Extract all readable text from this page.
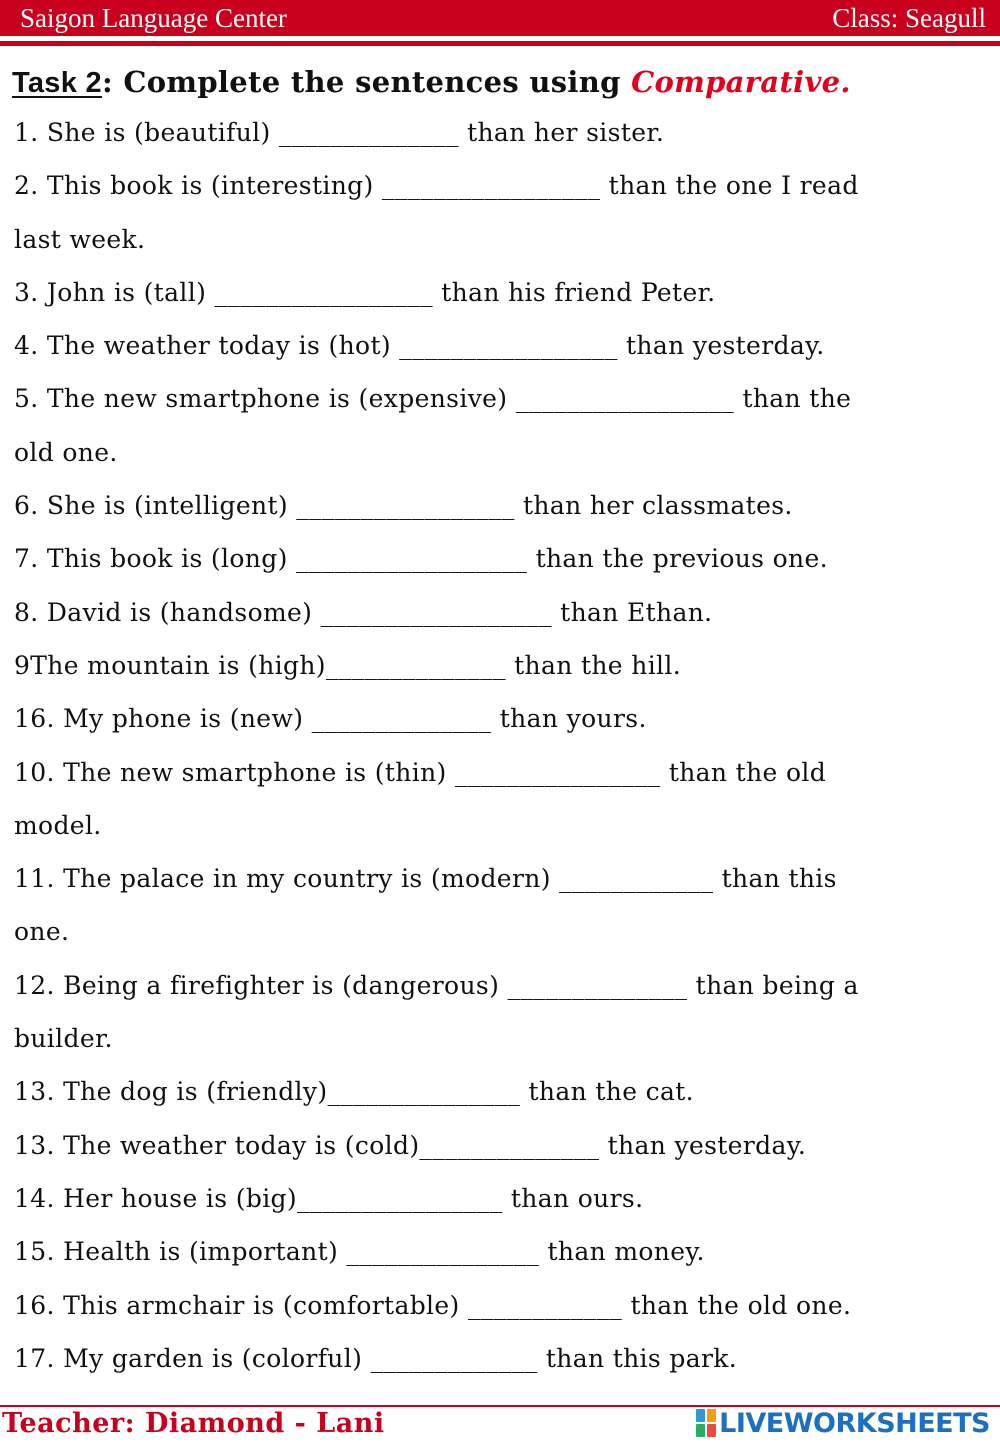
Saigon Language Center	Class: Seagull
Task 2: Complete the sentences using Comparative.
1. She is (beautiful) ______________ than her sister.
2. This book is (interesting) _________________ than the one I read
last week.
3. John is (tall) _________________ than his friend Peter.
4. The weather today is (hot) _________________ than yesterday.
5. The new smartphone is (expensive) _________________ than the
old one.
6. She is (intelligent) _________________ than her classmates.
7. This book is (long) __________________ than the previous one.
8. David is (handsome) __________________ than Ethan.
9The mountain is (high)______________ than the hill.
16. My phone is (new) ______________ than yours.
10. The new smartphone is (thin) ________________ than the old
model.
11. The palace in my country is (modern) ____________ than this
one.
12. Being a firefighter is (dangerous) ______________ than being a
builder.
13. The dog is (friendly)_______________ than the cat.
13. The weather today is (cold)______________ than yesterday.
14. Her house is (big)________________ than ours.
15. Health is (important) _______________ than money.
16. This armchair is (comfortable) ____________ than the old one.
17. My garden is (colorful) _____________ than this park.
Teacher: Diamond - Lani	LIVEWORKSHEETS
